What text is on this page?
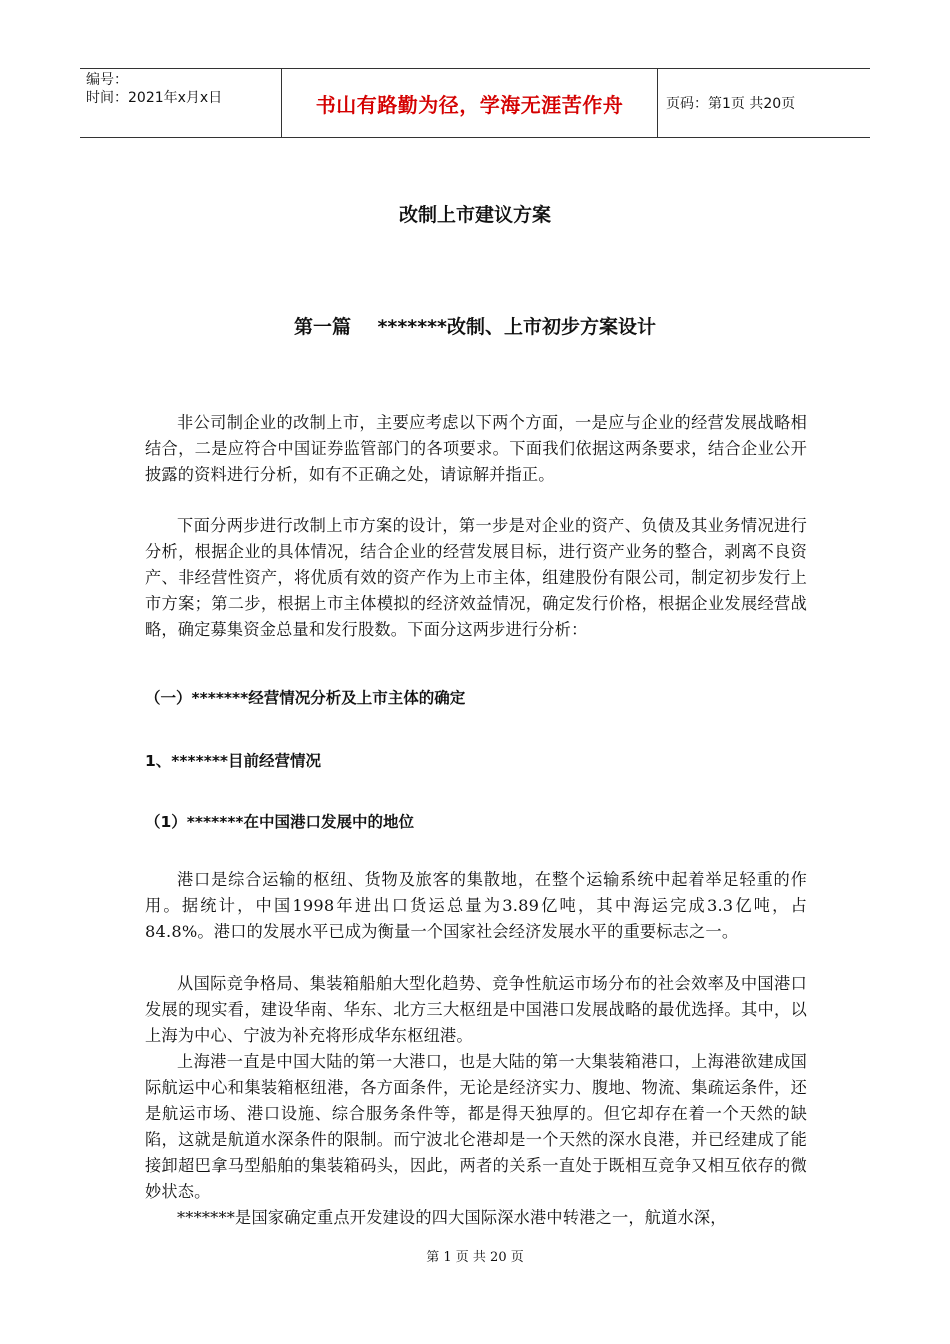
编号：
时间：2021年x月x日	书山有路勤为径，学海无涯苦作舟	页码：第1页 共20页
改制上市建议方案
第一篇    *******改制、上市初步方案设计

非公司制企业的改制上市，主要应考虑以下两个方面，一是应与企业的经营发展战略相结合，二是应符合中国证券监管部门的各项要求。下面我们依据这两条要求，结合企业公开披露的资料进行分析，如有不正确之处，请谅解并指正。

下面分两步进行改制上市方案的设计，第一步是对企业的资产、负债及其业务情况进行分析，根据企业的具体情况，结合企业的经营发展目标，进行资产业务的整合，剥离不良资产、非经营性资产，将优质有效的资产作为上市主体，组建股份有限公司，制定初步发行上市方案；第二步，根据上市主体模拟的经济效益情况，确定发行价格，根据企业发展经营战略，确定募集资金总量和发行股数。下面分这两步进行分析：

（一）*******经营情况分析及上市主体的确定
1、*******目前经营情况
（1）*******在中国港口发展中的地位

港口是综合运输的枢纽、货物及旅客的集散地，在整个运输系统中起着举足轻重的作用。据统计，中国1998年进出口货运总量为3.89亿吨，其中海运完成3.3亿吨，占84.8%。港口的发展水平已成为衡量一个国家社会经济发展水平的重要标志之一。

从国际竞争格局、集装箱船舶大型化趋势、竞争性航运市场分布的社会效率及中国港口发展的现实看，建设华南、华东、北方三大枢纽是中国港口发展战略的最优选择。其中，以上海为中心、宁波为补充将形成华东枢纽港。

上海港一直是中国大陆的第一大港口，也是大陆的第一大集装箱港口，上海港欲建成国际航运中心和集装箱枢纽港，各方面条件，无论是经济实力、腹地、物流、集疏运条件，还是航运市场、港口设施、综合服务条件等，都是得天独厚的。但它却存在着一个天然的缺陷，这就是航道水深条件的限制。而宁波北仑港却是一个天然的深水良港，并已经建成了能接卸超巴拿马型船舶的集装箱码头，因此，两者的关系一直处于既相互竞争又相互依存的微妙状态。

*******是国家确定重点开发建设的四大国际深水港中转港之一，航道水深，

第 1 页 共 20 页
